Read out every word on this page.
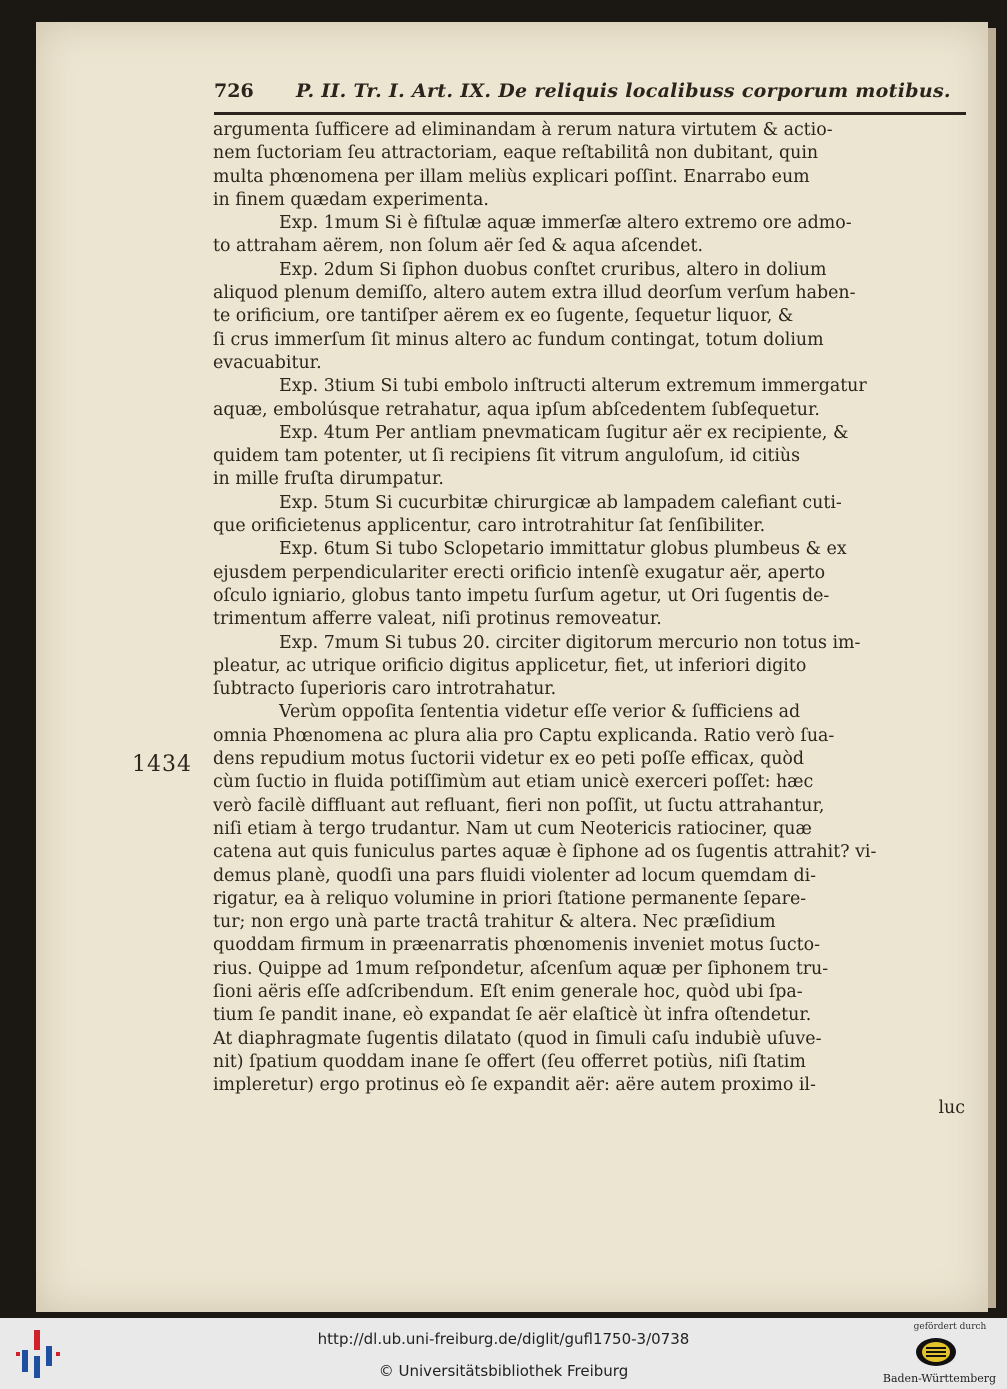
726 P. II. Tr. I. Art. IX. De reliquis localibuss corporum motibus.
1434
argumenta ſufficere ad eliminandam à rerum natura virtutem & actio-
nem ſuctoriam ſeu attractoriam, eaque reſtabilitâ non dubitant, quin
multa phœnomena per illam meliùs explicari poſſint. Enarrabo eum
in finem quædam experimenta.
Exp. 1mum Si è fiſtulæ aquæ immerſæ altero extremo ore admo-
to attraham aërem, non ſolum aër ſed & aqua aſcendet.
Exp. 2dum Si ſiphon duobus conſtet cruribus, altero in dolium
aliquod plenum demiſſo, altero autem extra illud deorſum verſum haben-
te orificium, ore tantiſper aërem ex eo ſugente, ſequetur liquor, &
ſi crus immerſum ſit minus altero ac fundum contingat, totum dolium
evacuabitur.
Exp. 3tium Si tubi embolo inſtructi alterum extremum immergatur
aquæ, embolúsque retrahatur, aqua ipſum abſcedentem ſubſequetur.
Exp. 4tum Per antliam pnevmaticam ſugitur aër ex recipiente, &
quidem tam potenter, ut ſi recipiens ſit vitrum anguloſum, id citiùs
in mille fruſta dirumpatur.
Exp. 5tum Si cucurbitæ chirurgicæ ab lampadem calefiant cuti-
que orificietenus applicentur, caro introtrahitur ſat ſenſibiliter.
Exp. 6tum Si tubo Sclopetario immittatur globus plumbeus & ex
ejusdem perpendiculariter erecti orificio intenſè exugatur aër, aperto
oſculo igniario, globus tanto impetu ſurſum agetur, ut Ori ſugentis de-
trimentum afferre valeat, niſi protinus removeatur.
Exp. 7mum Si tubus 20. circiter digitorum mercurio non totus im-
pleatur, ac utrique orificio digitus applicetur, fiet, ut inferiori digito
ſubtracto ſuperioris caro introtrahatur.
Verùm oppoſita ſententia videtur eſſe verior & ſufficiens ad
omnia Phœnomena ac plura alia pro Captu explicanda. Ratio verò ſua-
dens repudium motus ſuctorii videtur ex eo peti poſſe efficax, quòd
cùm ſuctio in fluida potiſſimùm aut etiam unicè exerceri poſſet: hæc
verò facilè diffluant aut refluant, fieri non poſſit, ut ſuctu attrahantur,
niſi etiam à tergo trudantur. Nam ut cum Neotericis ratiociner, quæ
catena aut quis funiculus partes aquæ è ſiphone ad os ſugentis attrahit? vi-
demus planè, quodſi una pars fluidi violenter ad locum quemdam di-
rigatur, ea à reliquo volumine in priori ſtatione permanente ſepare-
tur; non ergo unà parte tractâ trahitur & altera. Nec præſidium
quoddam firmum in præenarratis phœnomenis inveniet motus ſucto-
rius. Quippe ad 1mum reſpondetur, aſcenſum aquæ per ſiphonem tru-
ſioni aëris eſſe adſcribendum. Eſt enim generale hoc, quòd ubi ſpa-
tium ſe pandit inane, eò expandat ſe aër elaſticè ùt infra oſtendetur.
At diaphragmate ſugentis dilatato (quod in ſimuli caſu indubiè uſuve-
nit) ſpatium quoddam inane ſe offert (ſeu offerret potiùs, niſi ſtatim
impleretur) ergo protinus eò ſe expandit aër: aëre autem proximo il-
luc
http://dl.ub.uni-freiburg.de/diglit/gufl1750-3/0738
© Universitätsbibliothek Freiburg
gefördert durch
Baden-Württemberg
